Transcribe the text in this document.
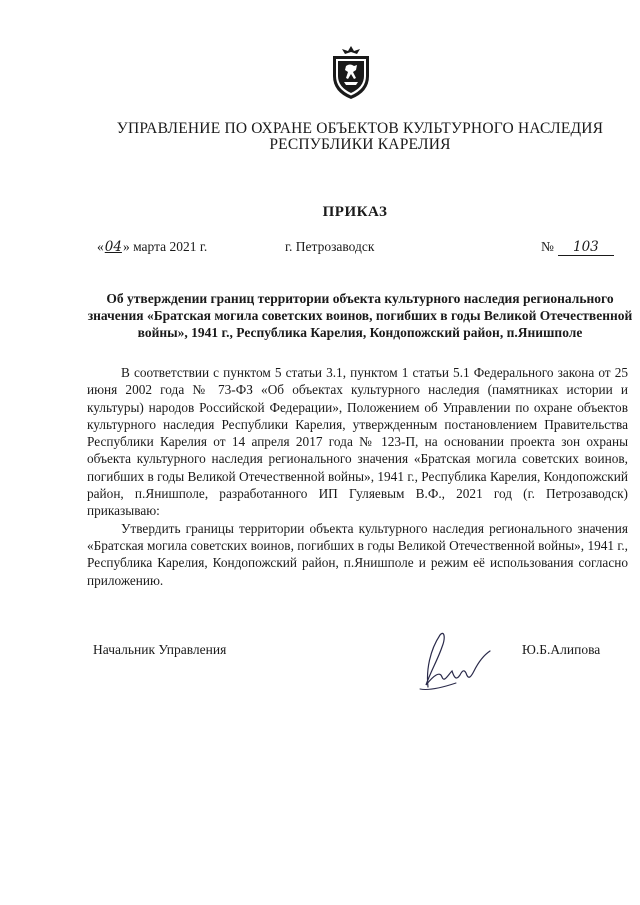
УПРАВЛЕНИЕ ПО ОХРАНЕ ОБЪЕКТОВ КУЛЬТУРНОГО НАСЛЕДИЯ
РЕСПУБЛИКИ КАРЕЛИЯ
ПРИКАЗ
«04» марта 2021 г.	г. Петрозаводск	№ 103
Об утверждении границ территории объекта культурного наследия регионального значения «Братская могила советских воинов, погибших в годы Великой Отечественной войны», 1941 г., Республика Карелия, Кондопожский район, п.Янишполе

В соответствии с пунктом 5 статьи 3.1, пунктом 1 статьи 5.1 Федерального закона от 25 июня 2002 года № 73-ФЗ «Об объектах культурного наследия (памятниках истории и культуры) народов Российской Федерации», Положением об Управлении по охране объектов культурного наследия Республики Карелия, утвержденным постановлением Правительства Республики Карелия от 14 апреля 2017 года № 123-П, на основании проекта зон охраны объекта культурного наследия регионального значения «Братская могила советских воинов, погибших в годы Великой Отечественной войны», 1941 г., Республика Карелия, Кондопожский район, п.Янишполе, разработанного ИП Гуляевым В.Ф., 2021 год (г. Петрозаводск) приказываю:

Утвердить границы территории объекта культурного наследия регионального значения «Братская могила советских воинов, погибших в годы Великой Отечественной войны», 1941 г., Республика Карелия, Кондопожский район, п.Янишполе и режим её использования согласно приложению.

Начальник Управления	Ю.Б.Алипова
